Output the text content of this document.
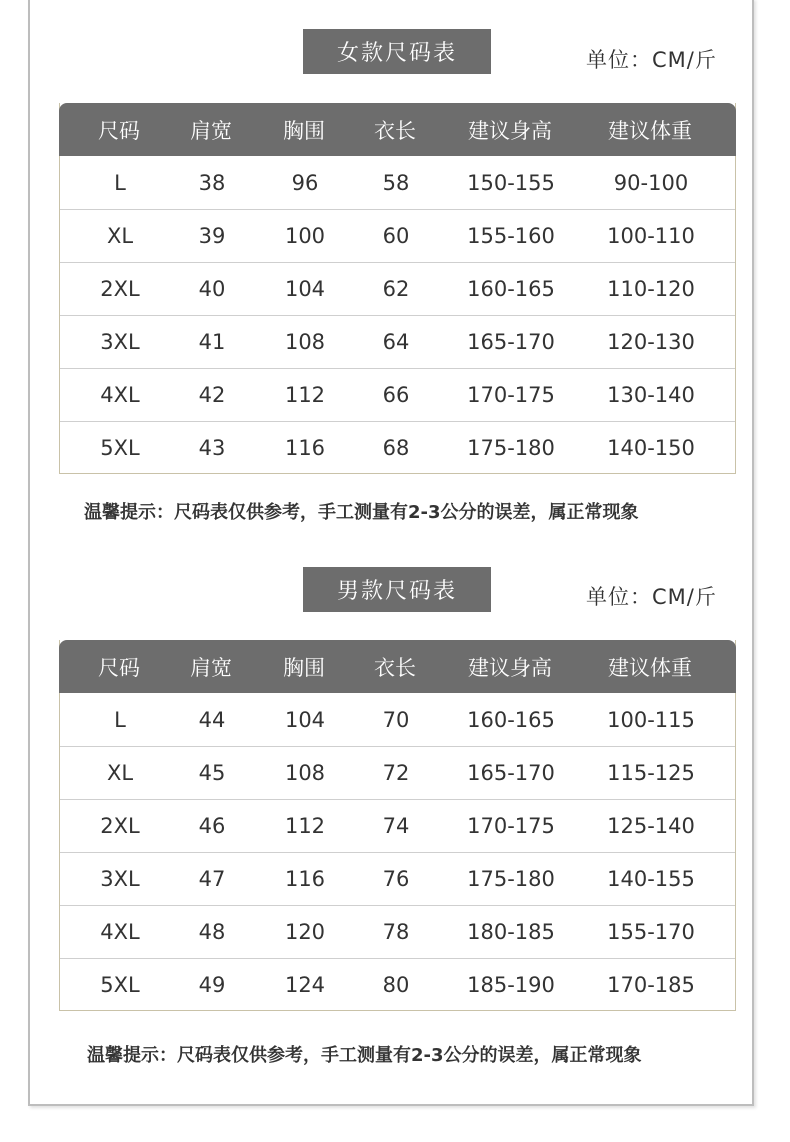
女款尺码表	单位：CM/斤
尺码 肩宽 胸围 衣长 建议身高	建议体重
L	38	96	58	150-155	90-100
XL	39	100	60	155-160 100-110
2XL	40	104	62	160-165 110-120
3XL	41	108	64	165-170 120-130
4XL	42	112	66	170-175 130-140
5XL	43	116	68	175-180 140-150
温馨提示：尺码表仅供参考，手工测量有2-3公分的误差，属正常现象
男款尺码表	单位：CM/斤
尺码 肩宽 胸围 衣长 建议身高	建议体重
L	44	104	70	160-165 100-115
XL	45	108	72	165-170 115-125
2XL	46	112	74	170-175 125-140
3XL	47	116	76	175-180 140-155
4XL	48	120	78	180-185 155-170
5XL	49	124	80	185-190 170-185
温馨提示：尺码表仅供参考，手工测量有2-3公分的误差，属正常现象
